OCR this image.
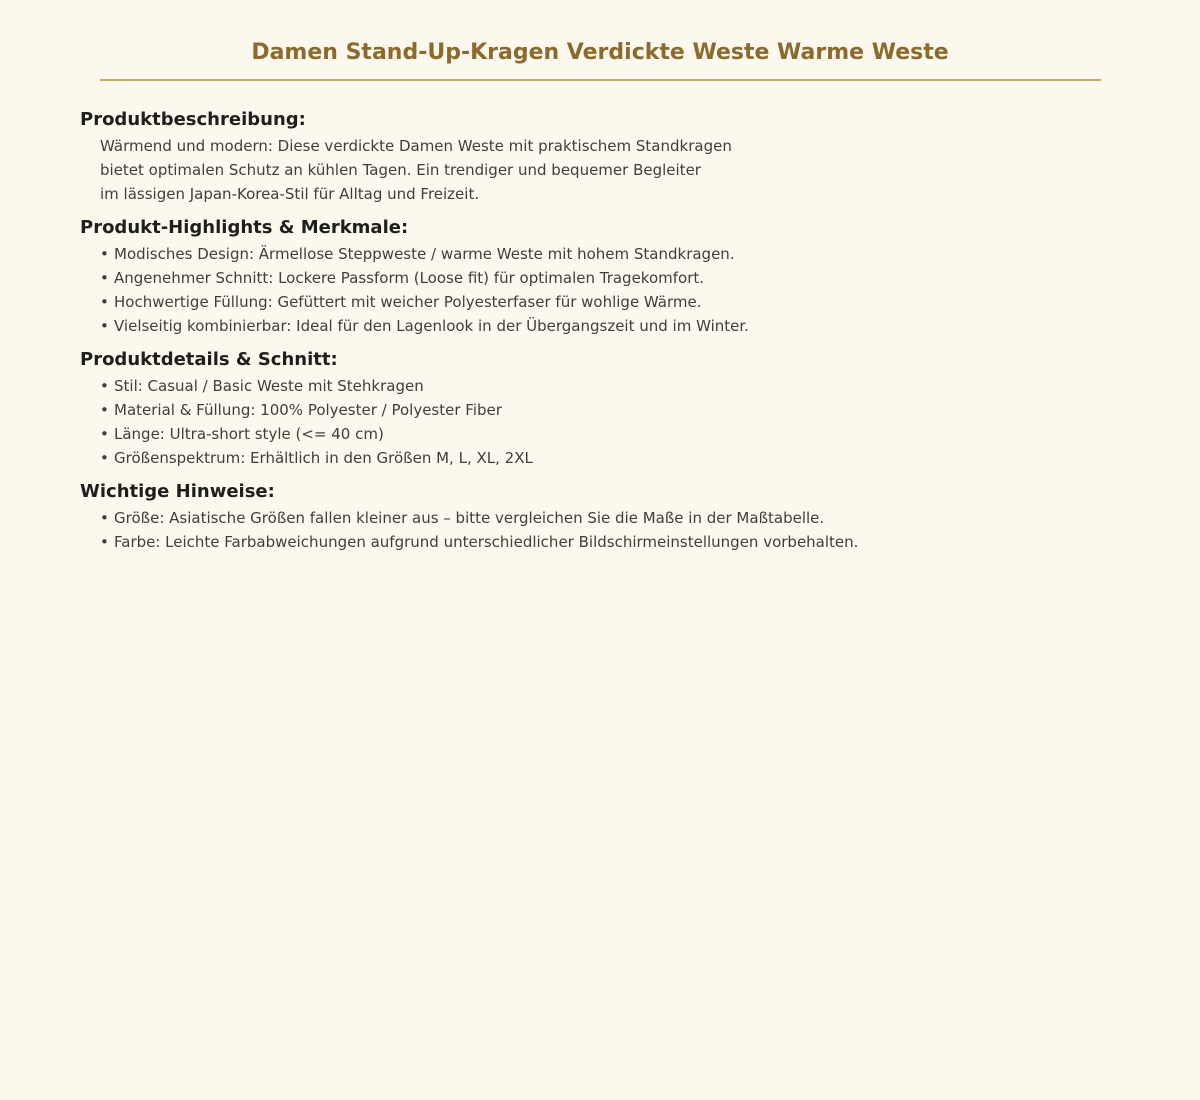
Damen Stand-Up-Kragen Verdickte Weste Warme Weste
Produktbeschreibung:

Wärmend und modern: Diese verdickte Damen Weste mit praktischem Standkragen
bietet optimalen Schutz an kühlen Tagen. Ein trendiger und bequemer Begleiter
im lässigen Japan-Korea-Stil für Alltag und Freizeit.

Produkt-Highlights & Merkmale:
• Modisches Design: Ärmellose Steppweste / warme Weste mit hohem Standkragen.
• Angenehmer Schnitt: Lockere Passform (Loose fit) für optimalen Tragekomfort.
• Hochwertige Füllung: Gefüttert mit weicher Polyesterfaser für wohlige Wärme.
• Vielseitig kombinierbar: Ideal für den Lagenlook in der Übergangszeit und im Winter.
Produktdetails & Schnitt:
• Stil: Casual / Basic Weste mit Stehkragen
• Material & Füllung: 100% Polyester / Polyester Fiber
• Länge: Ultra-short style (<= 40 cm)
• Größenspektrum: Erhältlich in den Größen M, L, XL, 2XL
Wichtige Hinweise:
• Größe: Asiatische Größen fallen kleiner aus – bitte vergleichen Sie die Maße in der Maßtabelle.
• Farbe: Leichte Farbabweichungen aufgrund unterschiedlicher Bildschirmeinstellungen vorbehalten.
